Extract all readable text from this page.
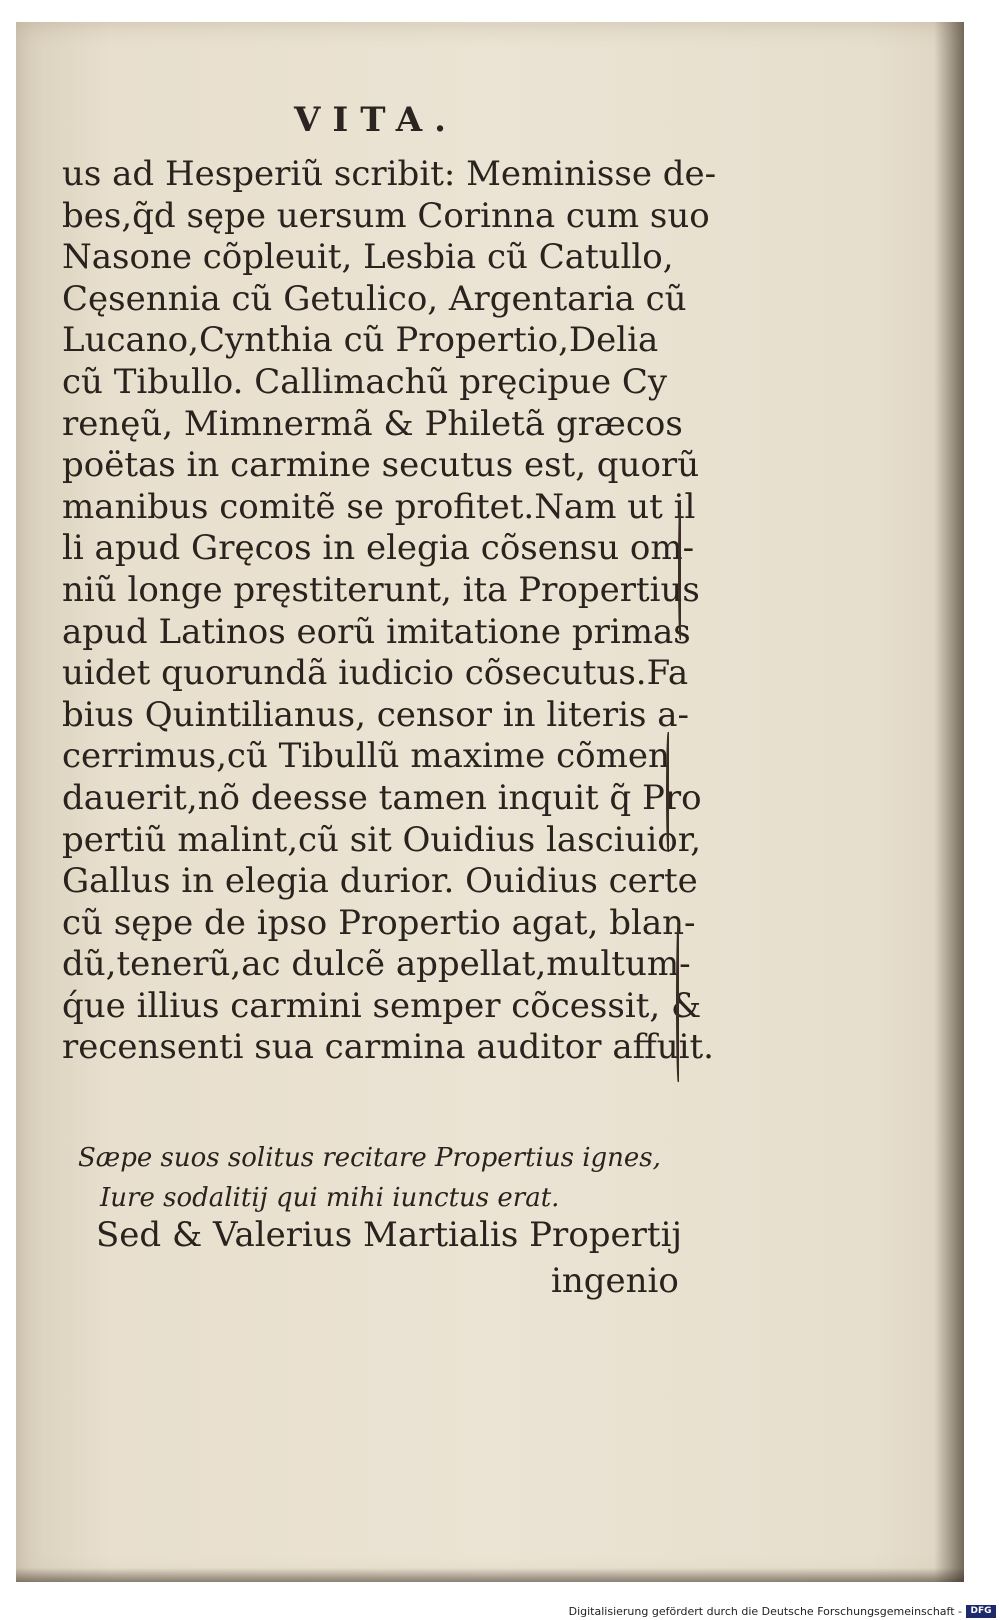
VITA.
us ad Hesperiũ scribit: Meminisse de-
bes,q̃d sępe uersum Corinna cum suo
Nasone cõpleuit, Lesbia cũ Catullo,
Cęsennia cũ Getulico, Argentaria cũ
Lucano,Cynthia cũ Propertio,Delia
cũ Tibullo. Callimachũ pręcipue Cy
renęũ, Mimnermã & Philetã grӕcos
poëtas in carmine secutus est, quorũ
manibus comitẽ se profitet.Nam ut il
li apud Gręcos in elegia cõsensu om-
niũ longe pręstiterunt, ita Propertius
apud Latinos eorũ imitatione primas
uidet quorundã iudicio cõsecutus.Fa
bius Quintilianus, censor in literis a-
cerrimus,cũ Tibullũ maxime cõmen
dauerit,nõ deesse tamen inquit q̃ Pro
pertiũ malint,cũ sit Ouidius lasciuior,
Gallus in elegia durior. Ouidius certe
cũ sępe de ipso Propertio agat, blan-
dũ,tenerũ,ac dulcẽ appellat,multum-
q́ue illius carmini semper cõcessit, &
recensenti sua carmina auditor affuit.
Sæpe suos solitus recitare Propertius ignes,
Iure sodalitij qui mihi iunctus erat.
Sed & Valerius Martialis Propertij
ingenio
Digitalisierung gefördert durch die Deutsche Forschungsgemeinschaft - DFG
